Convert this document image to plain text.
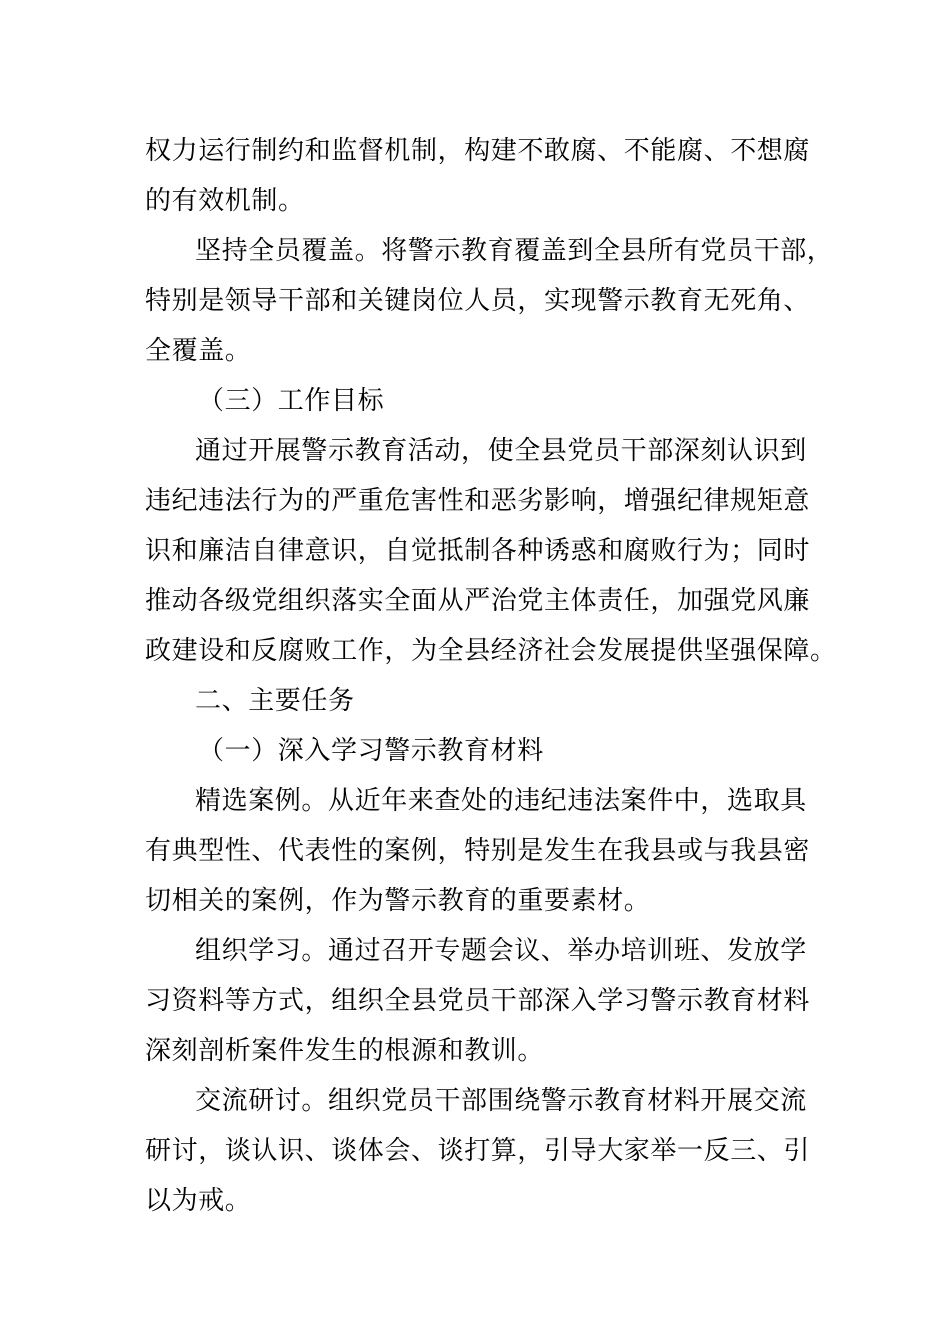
权力运行制约和监督机制，构建不敢腐、不能腐、不想腐
的有效机制。
坚持全员覆盖。将警示教育覆盖到全县所有党员干部，
特别是领导干部和关键岗位人员，实现警示教育无死角、
全覆盖。
（三）工作目标
通过开展警示教育活动，使全县党员干部深刻认识到
违纪违法行为的严重危害性和恶劣影响，增强纪律规矩意
识和廉洁自律意识，自觉抵制各种诱惑和腐败行为；同时
推动各级党组织落实全面从严治党主体责任，加强党风廉
政建设和反腐败工作，为全县经济社会发展提供坚强保障。
二、主要任务
（一）深入学习警示教育材料
精选案例。从近年来查处的违纪违法案件中，选取具
有典型性、代表性的案例，特别是发生在我县或与我县密
切相关的案例，作为警示教育的重要素材。
组织学习。通过召开专题会议、举办培训班、发放学
习资料等方式，组织全县党员干部深入学习警示教育材料
深刻剖析案件发生的根源和教训。
交流研讨。组织党员干部围绕警示教育材料开展交流
研讨，谈认识、谈体会、谈打算，引导大家举一反三、引
以为戒。
